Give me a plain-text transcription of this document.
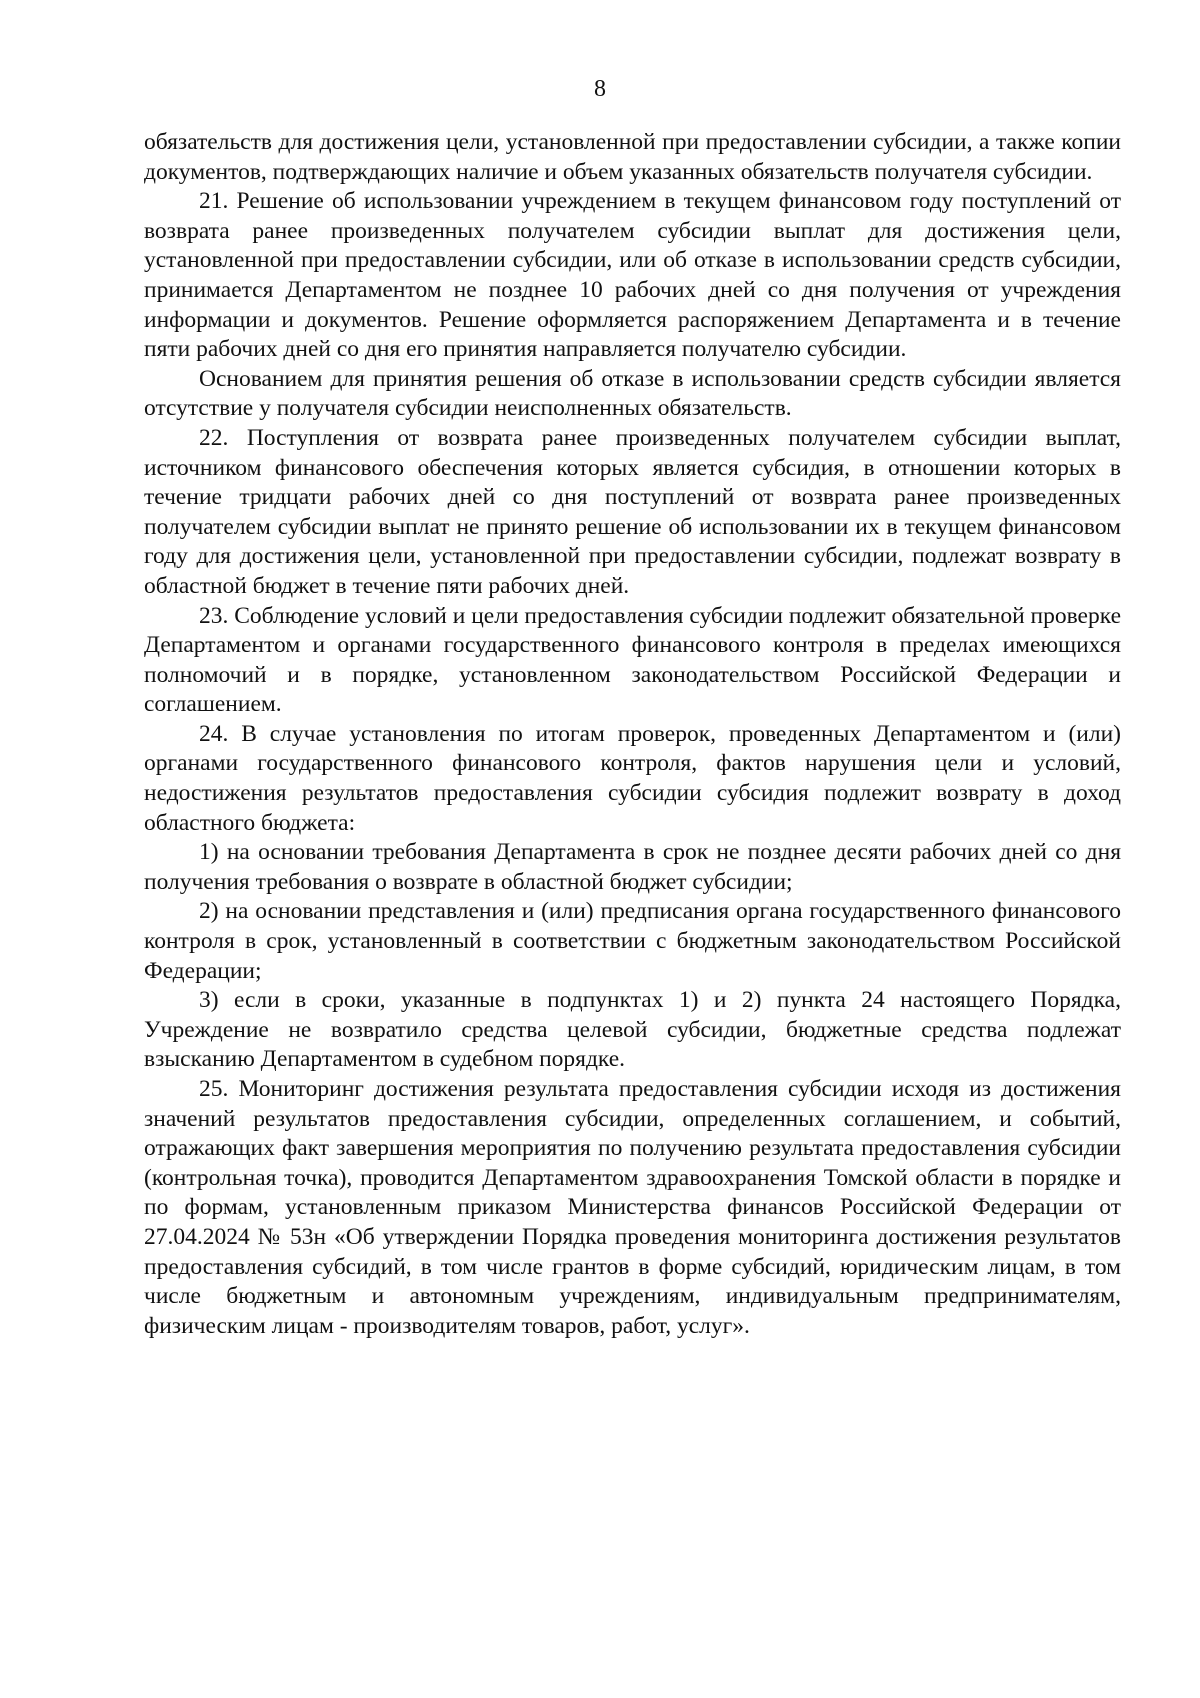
8

обязательств для достижения цели, установленной при предоставлении субсидии, а также копии документов, подтверждающих наличие и объем указанных обязательств получателя субсидии.

21. Решение об использовании учреждением в текущем финансовом году поступлений от возврата ранее произведенных получателем субсидии выплат для достижения цели, установленной при предоставлении субсидии, или об отказе в использовании средств субсидии, принимается Департаментом не позднее 10 рабочих дней со дня получения от учреждения информации и документов. Решение оформляется распоряжением Департамента и в течение пяти рабочих дней со дня его принятия направляется получателю субсидии.

Основанием для принятия решения об отказе в использовании средств субсидии является отсутствие у получателя субсидии неисполненных обязательств.

22. Поступления от возврата ранее произведенных получателем субсидии выплат, источником финансового обеспечения которых является субсидия, в отношении которых в течение тридцати рабочих дней со дня поступлений от возврата ранее произведенных получателем субсидии выплат не принято решение об использовании их в текущем финансовом году для достижения цели, установленной при предоставлении субсидии, подлежат возврату в областной бюджет в течение пяти рабочих дней.

23. Соблюдение условий и цели предоставления субсидии подлежит обязательной проверке Департаментом и органами государственного финансового контроля в пределах имеющихся полномочий и в порядке, установленном законодательством Российской Федерации и соглашением.

24. В случае установления по итогам проверок, проведенных Департаментом и (или) органами государственного финансового контроля, фактов нарушения цели и условий, недостижения результатов предоставления субсидии субсидия подлежит возврату в доход областного бюджета:

1) на основании требования Департамента в срок не позднее десяти рабочих дней со дня получения требования о возврате в областной бюджет субсидии;

2) на основании представления и (или) предписания органа государственного финансового контроля в срок, установленный в соответствии с бюджетным законодательством Российской Федерации;

3) если в сроки, указанные в подпунктах 1) и 2) пункта 24 настоящего Порядка, Учреждение не возвратило средства целевой субсидии, бюджетные средства подлежат взысканию Департаментом в судебном порядке.

25. Мониторинг достижения результата предоставления субсидии исходя из достижения значений результатов предоставления субсидии, определенных соглашением, и событий, отражающих факт завершения мероприятия по получению результата предоставления субсидии (контрольная точка), проводится Департаментом здравоохранения Томской области в порядке и по формам, установленным приказом Министерства финансов Российской Федерации от 27.04.2024 № 53н «Об утверждении Порядка проведения мониторинга достижения результатов предоставления субсидий, в том числе грантов в форме субсидий, юридическим лицам, в том числе бюджетным и автономным учреждениям, индивидуальным предпринимателям, физическим лицам - производителям товаров, работ, услуг».
